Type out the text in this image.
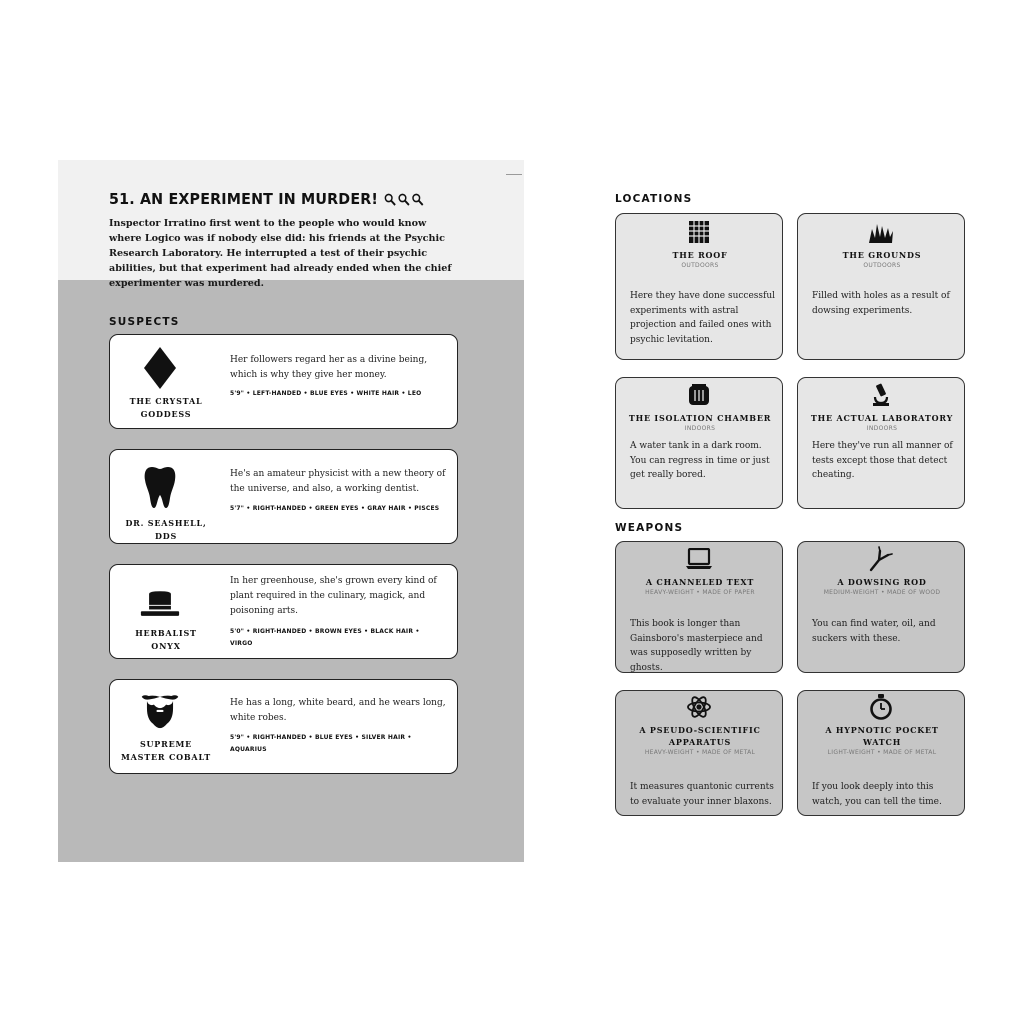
51. AN EXPERIMENT IN MURDER!

Inspector Irratino first went to the people who would know where Logico was if nobody else did: his friends at the Psychic Research Laboratory. He interrupted a test of their psychic abilities, but that experiment had already ended when the chief experimenter was murdered.

SUSPECTS
THE CRYSTAL
GODDESS

Her followers regard her as a divine being, which is why they give her money.

5'9" • LEFT-HANDED • BLUE EYES • WHITE HAIR • LEO

DR. SEASHELL,
DDS

He's an amateur physicist with a new theory of the universe, and also, a working dentist.

5'7" • RIGHT-HANDED • GREEN EYES • GRAY HAIR • PISCES

HERBALIST
ONYX

In her greenhouse, she's grown every kind of plant required in the culinary, magick, and poisoning arts.

5'0" • RIGHT-HANDED • BROWN EYES • BLACK HAIR • VIRGO

SUPREME
MASTER COBALT

He has a long, white beard, and he wears long, white robes.

5'9" • RIGHT-HANDED • BLUE EYES • SILVER HAIR • AQUARIUS

LOCATIONS
THE ROOF
OUTDOORS

Here they have done successful experiments with astral projection and failed ones with psychic levitation.

THE GROUNDS
OUTDOORS

Filled with holes as a result of dowsing experiments.

THE ISOLATION CHAMBER
INDOORS

A water tank in a dark room. You can regress in time or just get really bored.

THE ACTUAL LABORATORY
INDOORS

Here they've run all manner of tests except those that detect cheating.

WEAPONS
A CHANNELED TEXT
HEAVY-WEIGHT • MADE OF PAPER

This book is longer than Gainsboro's masterpiece and was supposedly written by ghosts.

A DOWSING ROD
MEDIUM-WEIGHT • MADE OF WOOD

You can find water, oil, and suckers with these.

A PSEUDO-SCIENTIFIC
APPARATUS
HEAVY-WEIGHT • MADE OF METAL

It measures quantonic currents to evaluate your inner blaxons.

A HYPNOTIC POCKET
WATCH
LIGHT-WEIGHT • MADE OF METAL

If you look deeply into this watch, you can tell the time.
